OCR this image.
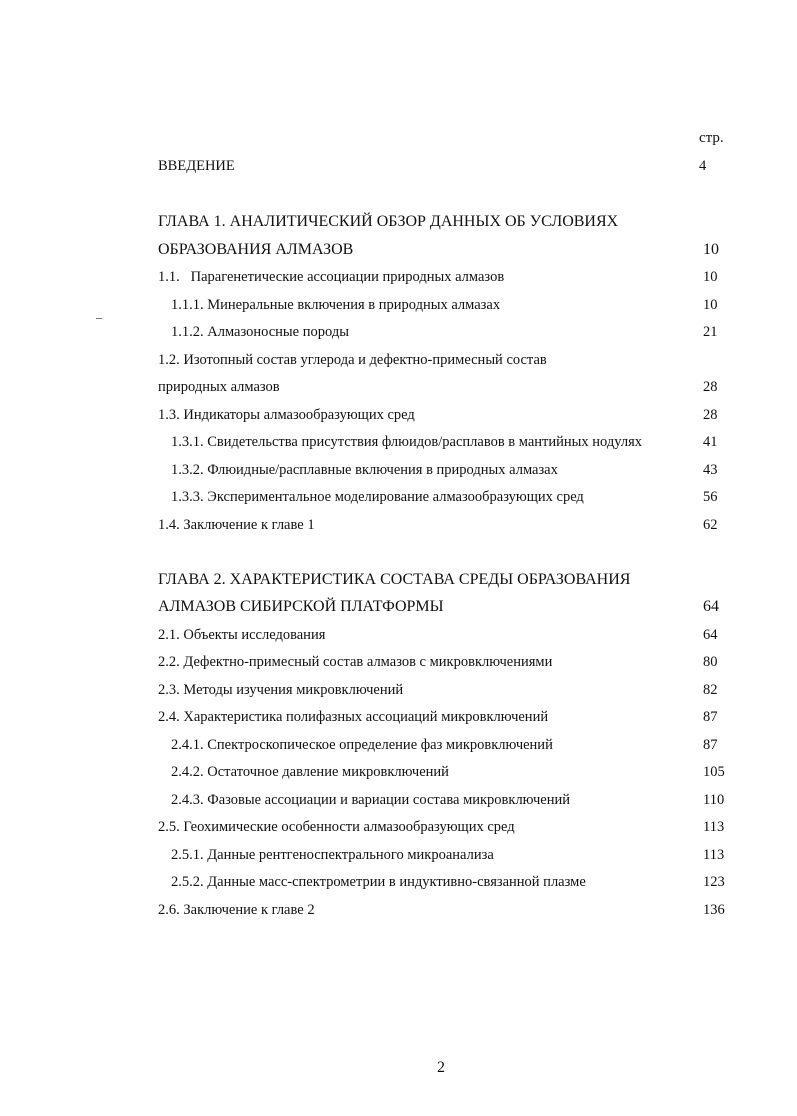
стр.
ВВЕДЕНИЕ	4
ГЛАВА 1. АНАЛИТИЧЕСКИЙ ОБЗОР ДАННЫХ ОБ УСЛОВИЯХ
ОБРАЗОВАНИЯ АЛМАЗОВ	10
1.1.   Парагенетические ассоциации природных алмазов	10
1.1.1. Минеральные включения в природных алмазах	10
1.1.2. Алмазоносные породы	21
1.2. Изотопный состав углерода и дефектно-примесный состав
природных алмазов	28
1.3. Индикаторы алмазообразующих сред	28
1.3.1. Свидетельства присутствия флюидов/расплавов в мантийных нодулях	41
1.3.2. Флюидные/расплавные включения в природных алмазах	43
1.3.3. Экспериментальное моделирование алмазообразующих сред	56
1.4. Заключение к главе 1	62
ГЛАВА 2. ХАРАКТЕРИСТИКА СОСТАВА СРЕДЫ ОБРАЗОВАНИЯ
АЛМАЗОВ СИБИРСКОЙ ПЛАТФОРМЫ	64
2.1. Объекты исследования	64
2.2. Дефектно-примесный состав алмазов с микровключениями	80
2.3. Методы изучения микровключений	82
2.4. Характеристика полифазных ассоциаций микровключений	87
2.4.1. Спектроскопическое определение фаз микровключений	87
2.4.2. Остаточное давление микровключений	105
2.4.3. Фазовые ассоциации и вариации состава микровключений	110
2.5. Геохимические особенности алмазообразующих сред	113
2.5.1. Данные рентгеноспектрального микроанализа	113
2.5.2. Данные масс-спектрометрии в индуктивно-связанной плазме	123
2.6. Заключение к главе 2	136
2
